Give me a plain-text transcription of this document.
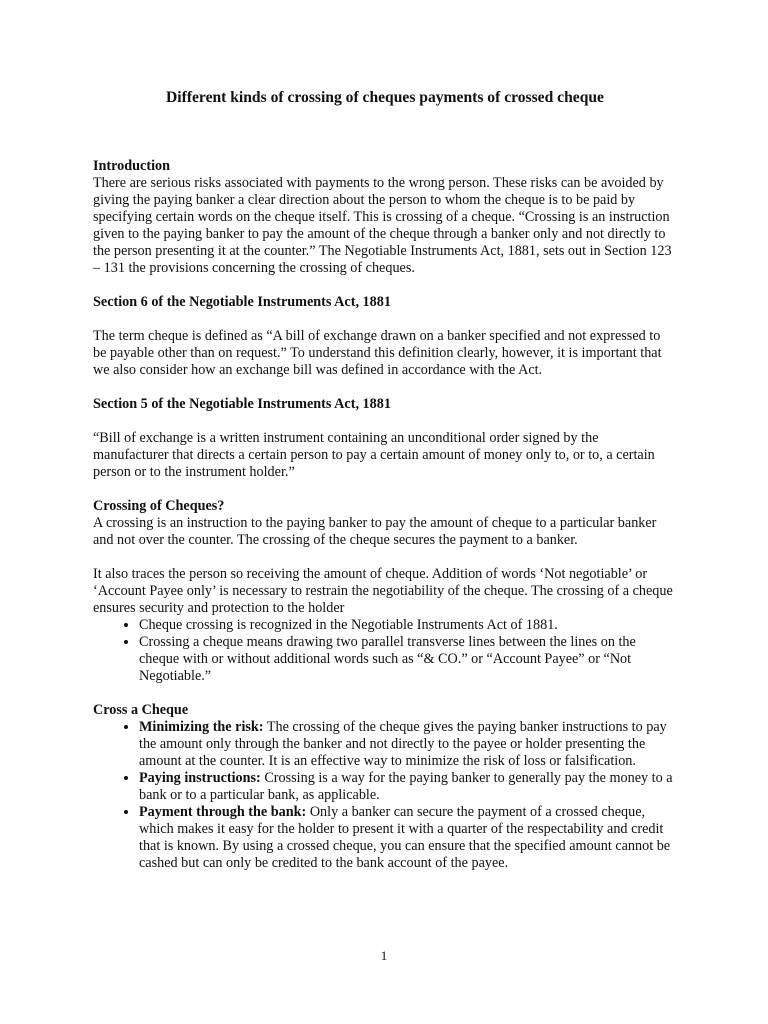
Different kinds of crossing of cheques payments of crossed cheque
Introduction

There are serious risks associated with payments to the wrong person. These risks can be avoided by giving the paying banker a clear direction about the person to whom the cheque is to be paid by specifying certain words on the cheque itself. This is crossing of a cheque. “Crossing is an instruction given to the paying banker to pay the amount of the cheque through a banker only and not directly to the person presenting it at the counter.” The Negotiable Instruments Act, 1881, sets out in Section 123 – 131 the provisions concerning the crossing of cheques.

Section 6 of the Negotiable Instruments Act, 1881

The term cheque is defined as “A bill of exchange drawn on a banker specified and not expressed to be payable other than on request.” To understand this definition clearly, however, it is important that we also consider how an exchange bill was defined in accordance with the Act.

Section 5 of the Negotiable Instruments Act, 1881

“Bill of exchange is a written instrument containing an unconditional order signed by the manufacturer that directs a certain person to pay a certain amount of money only to, or to, a certain person or to the instrument holder.”

Crossing of Cheques?

A crossing is an instruction to the paying banker to pay the amount of cheque to a particular banker and not over the counter. The crossing of the cheque secures the payment to a banker.

It also traces the person so receiving the amount of cheque. Addition of words ‘Not negotiable’ or ‘Account Payee only’ is necessary to restrain the negotiability of the cheque. The crossing of a cheque ensures security and protection to the holder

• Cheque crossing is recognized in the Negotiable Instruments Act of 1881.
• Crossing a cheque means drawing two parallel transverse lines between the lines on the cheque with or without additional words such as “& CO.” or “Account Payee” or “Not Negotiable.”
Cross a Cheque
• Minimizing the risk: The crossing of the cheque gives the paying banker instructions to pay the amount only through the banker and not directly to the payee or holder presenting the amount at the counter. It is an effective way to minimize the risk of loss or falsification.
• Paying instructions: Crossing is a way for the paying banker to generally pay the money to a bank or to a particular bank, as applicable.
• Payment through the bank: Only a banker can secure the payment of a crossed cheque, which makes it easy for the holder to present it with a quarter of the respectability and credit that is known. By using a crossed cheque, you can ensure that the specified amount cannot be cashed but can only be credited to the bank account of the payee.
1
